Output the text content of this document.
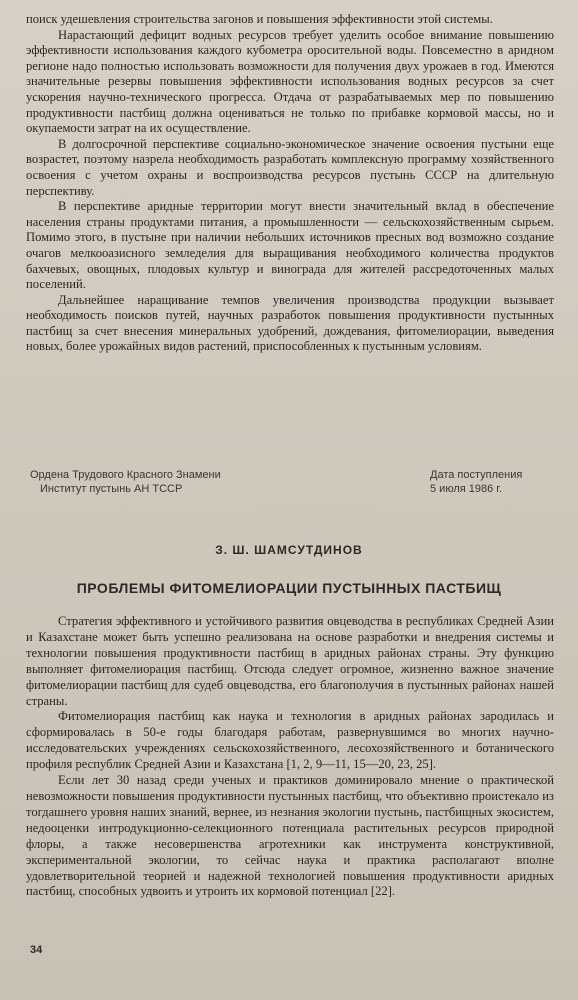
поиск удешевления строительства загонов и повышения эффективности этой системы.

Нарастающий дефицит водных ресурсов требует уделить особое внимание повышению эффективности использования каждого кубометра оросительной воды. Повсеместно в аридном регионе надо полностью использовать возможности для получения двух урожаев в год. Имеются значительные резервы повышения эффективности использования водных ресурсов за счет ускорения научно-технического прогресса. Отдача от разрабатываемых мер по повышению продуктивности пастбищ должна оцениваться не только по прибавке кормовой массы, но и окупаемости затрат на их осуществление.

В долгосрочной перспективе социально-экономическое значение освоения пустыни еще возрастет, поэтому назрела необходимость разработать комплексную программу хозяйственного освоения с учетом охраны и воспроизводства ресурсов пустынь СССР на длительную перспективу.

В перспективе аридные территории могут внести значительный вклад в обеспечение населения страны продуктами питания, а промышленности — сельскохозяйственным сырьем. Помимо этого, в пустыне при наличии небольших источников пресных вод возможно создание очагов мелкооазисного земледелия для выращивания необходимого количества продуктов бахчевых, овощных, плодовых культур и винограда для жителей рассредоточенных малых поселений.

Дальнейшее наращивание темпов увеличения производства продукции вызывает необходимость поисков путей, научных разработок повышения продуктивности пустынных пастбищ за счет внесения минеральных удобрений, дождевания, фитомелиорации, выведения новых, более урожайных видов растений, приспособленных к пустынным условиям.

Ордена Трудового Красного Знамени
Институт пустынь АН ТССР
Дата поступления
5 июля 1986 г.
З. Ш. ШАМСУТДИНОВ
ПРОБЛЕМЫ ФИТОМЕЛИОРАЦИИ ПУСТЫННЫХ ПАСТБИЩ

Стратегия эффективного и устойчивого развития овцеводства в республиках Средней Азии и Казахстане может быть успешно реализована на основе разработки и внедрения системы и технологии повышения продуктивности пастбищ в аридных районах страны. Эту функцию выполняет фитомелиорация пастбищ. Отсюда следует огромное, жизненно важное значение фитомелиорации пастбищ для судеб овцеводства, его благополучия в пустынных районах нашей страны.

Фитомелиорация пастбищ как наука и технология в аридных районах зародилась и сформировалась в 50-е годы благодаря работам, развернувшимся во многих научно-исследовательских учреждениях сельскохозяйственного, лесохозяйственного и ботанического профиля республик Средней Азии и Казахстана [1, 2, 9—11, 15—20, 23, 25].

Если лет 30 назад среди ученых и практиков доминировало мнение о практической невозможности повышения продуктивности пустынных пастбищ, что объективно проистекало из тогдашнего уровня наших знаний, вернее, из незнания экологии пустынь, пастбищных экосистем, недооценки интродукционно-селекционного потенциала растительных ресурсов природной флоры, а также несовершенства агротехники как инструмента конструктивной, экспериментальной экологии, то сейчас наука и практика располагают вполне удовлетворительной теорией и надежной технологией повышения продуктивности аридных пастбищ, способных удвоить и утроить их кормовой потенциал [22].

34
